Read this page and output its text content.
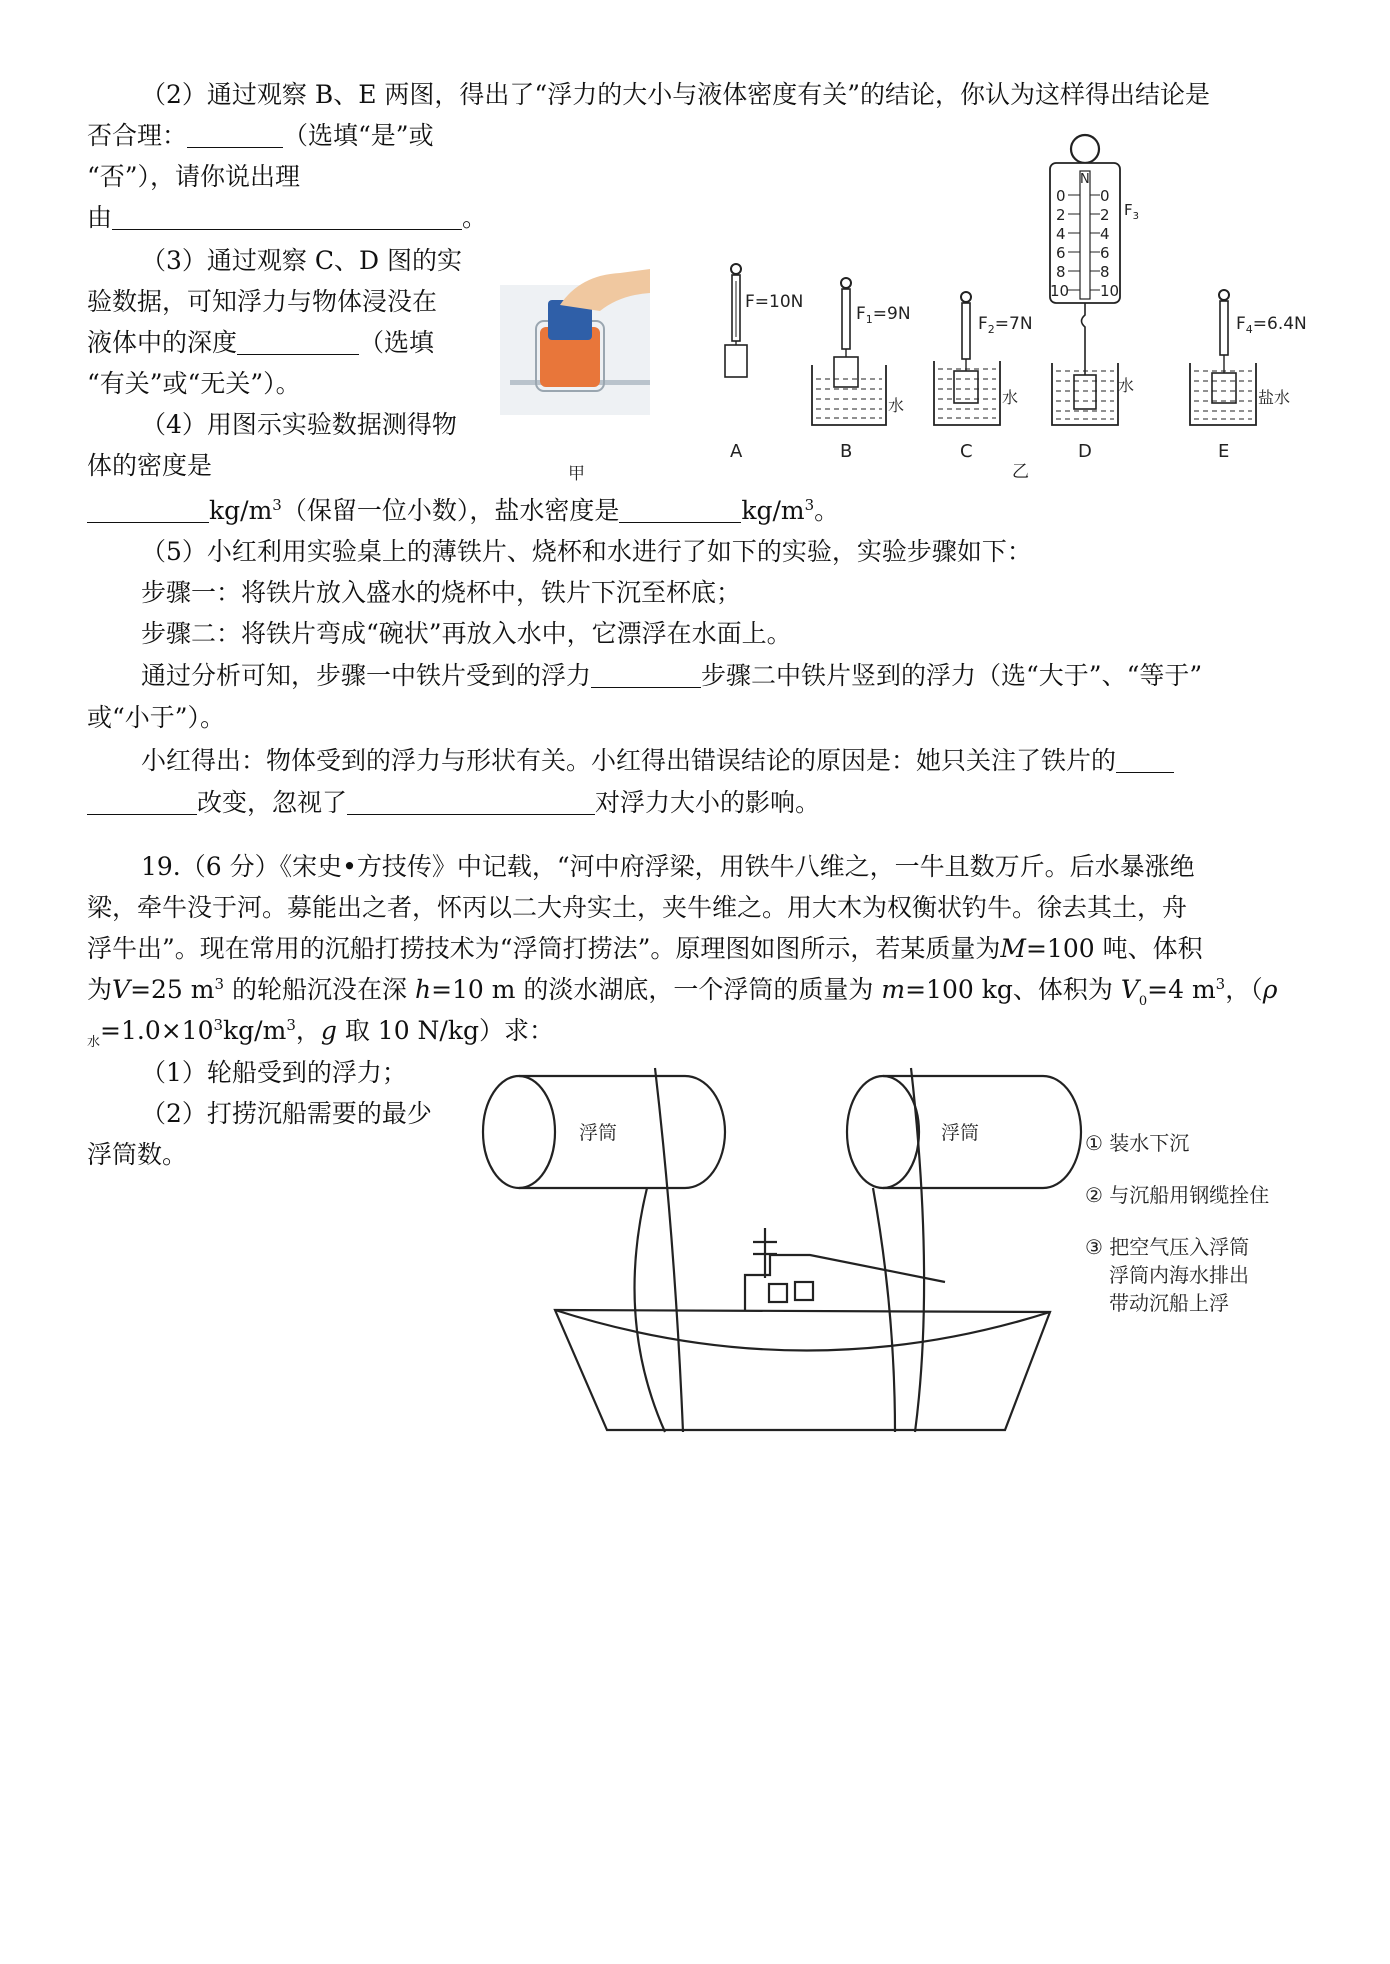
（2）通过观察 B、E 两图，得出了“浮力的大小与液体密度有关”的结论，你认为这样得出结论是
否合理：	（选填“是”或
“否”），请你说出理
由	。
（3）通过观察 C、D 图的实
验数据，可知浮力与物体浸没在
液体中的深度	（选填
“有关”或“无关”）。
（4）用图示实验数据测得物
体的密度是
$kg/m^3$（保留一位小数），盐水密度是	$kg/m^3$。
甲
F=10N
A
$F_1=9N$
水
B
$F_2=7N$
水
C
N
0 0
2 2
4 4
6 6
8 8
10 10
$F_3$
水
D
$F_4=6.4N$
盐水
E
乙
（5）小红利用实验桌上的薄铁片、烧杯和水进行了如下的实验，实验步骤如下：
步骤一：将铁片放入盛水的烧杯中，铁片下沉至杯底；
步骤二：将铁片弯成“碗状”再放入水中，它漂浮在水面上。
通过分析可知，步骤一中铁片受到的浮力	步骤二中铁片竖到的浮力（选“大于”、“等于”
或“小于”）。
小红得出：物体受到的浮力与形状有关。小红得出错误结论的原因是：她只关注了铁片的
改变，忽视了	对浮力大小的影响。
19.（6 分）《宋史•方技传》中记载，“河中府浮梁，用铁牛八维之，一牛且数万斤。后水暴涨绝
梁，牵牛没于河。募能出之者，怀丙以二大舟实土，夹牛维之。用大木为权衡状钓牛。徐去其土，舟
浮牛出”。现在常用的沉船打捞技术为“浮筒打捞法”。原理图如图所示，若某质量为M=100 吨、体积
为V=25 $m^3$ 的轮船沉没在深 h=10 m 的淡水湖底，一个浮筒的质量为 m=100 kg、体积为 $V_0=4$ $m^3$，（ρ
$_水=1.0\times 10^3kg/m^3$，g 取 10 N/kg）求：
（1）轮船受到的浮力；
（2）打捞沉船需要的最少
浮筒数。
浮筒	浮筒	① 装水下沉
② 与沉船用钢缆拴住
③ 把空气压入浮筒
浮筒内海水排出
带动沉船上浮
